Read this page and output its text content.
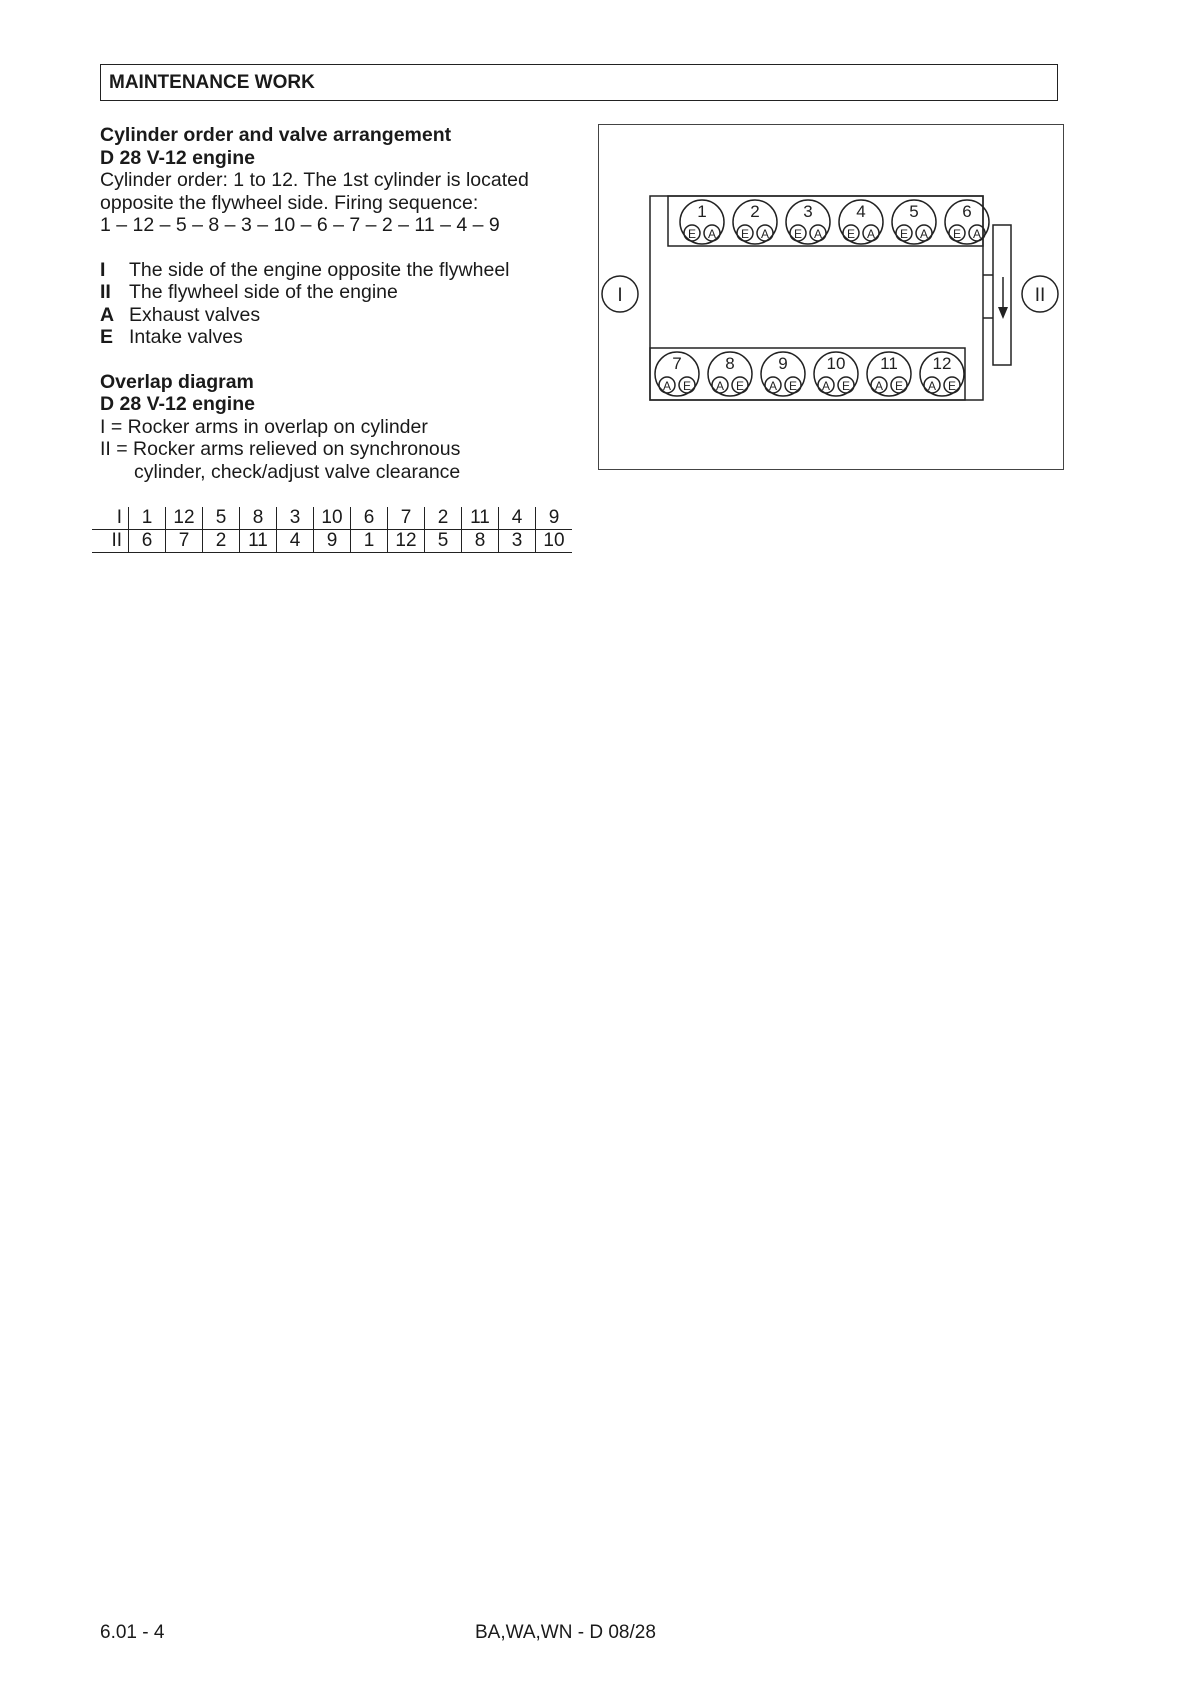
MAINTENANCE WORK
Cylinder order and valve arrangement
D 28 V-12 engine

Cylinder order: 1 to 12. The 1st cylinder is located

opposite the flywheel side. Firing sequence:

1 – 12 – 5 – 8 – 3 – 10 – 6 – 7 – 2 – 11 – 4 – 9

I	The side of the engine opposite the flywheel
II The flywheel side of the engine
A Exhaust valves
E Intake valves
Overlap diagram
D 28 V-12 engine

I = Rocker arms in overlap on cylinder

II = Rocker arms relieved on synchronous

cylinder, check/adjust valve clearance

I	1	12	5	8	3	10	6	7	2	11	4	9
II	6	7	2	11	4	9	1	12	5	8	3	10
I	II
1
E A
2
E A
3
E A
4
E A
5
E A
6
E A
7
A E
8
A E
9
A E
10
A E
11
A E
12
A E
6.01 - 4	BA,WA,WN - D 08/28
